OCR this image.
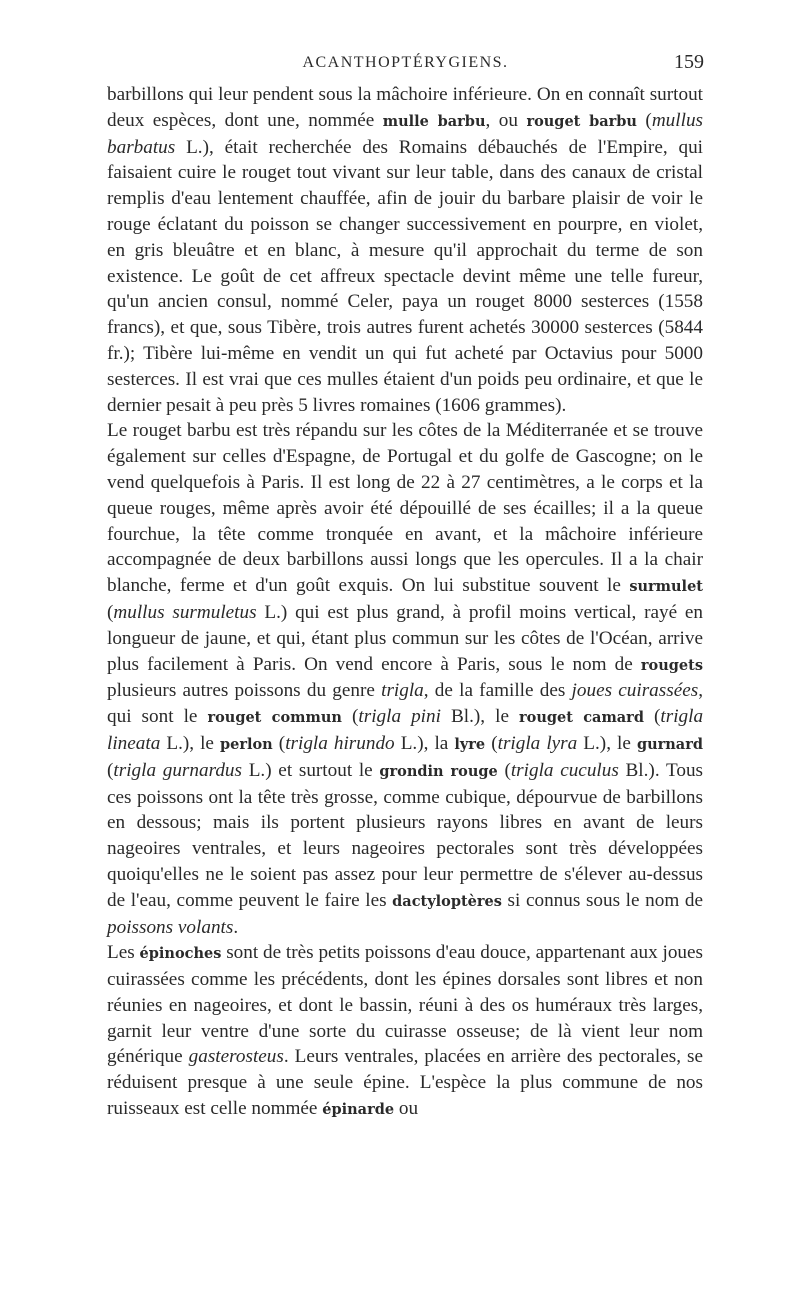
ACANTHOPTÉRYGIENS.	159

barbillons qui leur pendent sous la mâchoire inférieure. On en connaît surtout deux espèces, dont une, nommée mulle barbu, ou rouget barbu (mullus barbatus L.), était recherchée des Romains débauchés de l'Empire, qui faisaient cuire le rouget tout vivant sur leur table, dans des canaux de cristal remplis d'eau lentement chauffée, afin de jouir du barbare plaisir de voir le rouge éclatant du poisson se changer successivement en pourpre, en violet, en gris bleuâtre et en blanc, à mesure qu'il approchait du terme de son existence. Le goût de cet affreux spectacle devint même une telle fureur, qu'un ancien consul, nommé Celer, paya un rouget 8000 sesterces (1558 francs), et que, sous Tibère, trois autres furent achetés 30000 sesterces (5844 fr.); Tibère lui-même en vendit un qui fut acheté par Octavius pour 5000 sesterces. Il est vrai que ces mulles étaient d'un poids peu ordinaire, et que le dernier pesait à peu près 5 livres romaines (1606 grammes).

Le rouget barbu est très répandu sur les côtes de la Méditerranée et se trouve également sur celles d'Espagne, de Portugal et du golfe de Gascogne; on le vend quelquefois à Paris. Il est long de 22 à 27 centimètres, a le corps et la queue rouges, même après avoir été dépouillé de ses écailles; il a la queue fourchue, la tête comme tronquée en avant, et la mâchoire inférieure accompagnée de deux barbillons aussi longs que les opercules. Il a la chair blanche, ferme et d'un goût exquis. On lui substitue souvent le surmulet (mullus surmuletus L.) qui est plus grand, à profil moins vertical, rayé en longueur de jaune, et qui, étant plus commun sur les côtes de l'Océan, arrive plus facilement à Paris. On vend encore à Paris, sous le nom de rougets plusieurs autres poissons du genre trigla, de la famille des joues cuirassées, qui sont le rouget commun (trigla pini Bl.), le rouget camard (trigla lineata L.), le perlon (trigla hirundo L.), la lyre (trigla lyra L.), le gurnard (trigla gurnardus L.) et surtout le grondin rouge (trigla cuculus Bl.). Tous ces poissons ont la tête très grosse, comme cubique, dépourvue de barbillons en dessous; mais ils portent plusieurs rayons libres en avant de leurs nageoires ventrales, et leurs nageoires pectorales sont très développées quoiqu'elles ne le soient pas assez pour leur permettre de s'élever au-dessus de l'eau, comme peuvent le faire les dactyloptères si connus sous le nom de poissons volants.

Les épinoches sont de très petits poissons d'eau douce, appartenant aux joues cuirassées comme les précédents, dont les épines dorsales sont libres et non réunies en nageoires, et dont le bassin, réuni à des os huméraux très larges, garnit leur ventre d'une sorte du cuirasse osseuse; de là vient leur nom générique gasterosteus. Leurs ventrales, placées en arrière des pectorales, se réduisent presque à une seule épine. L'espèce la plus commune de nos ruisseaux est celle nommée épinarde ou
